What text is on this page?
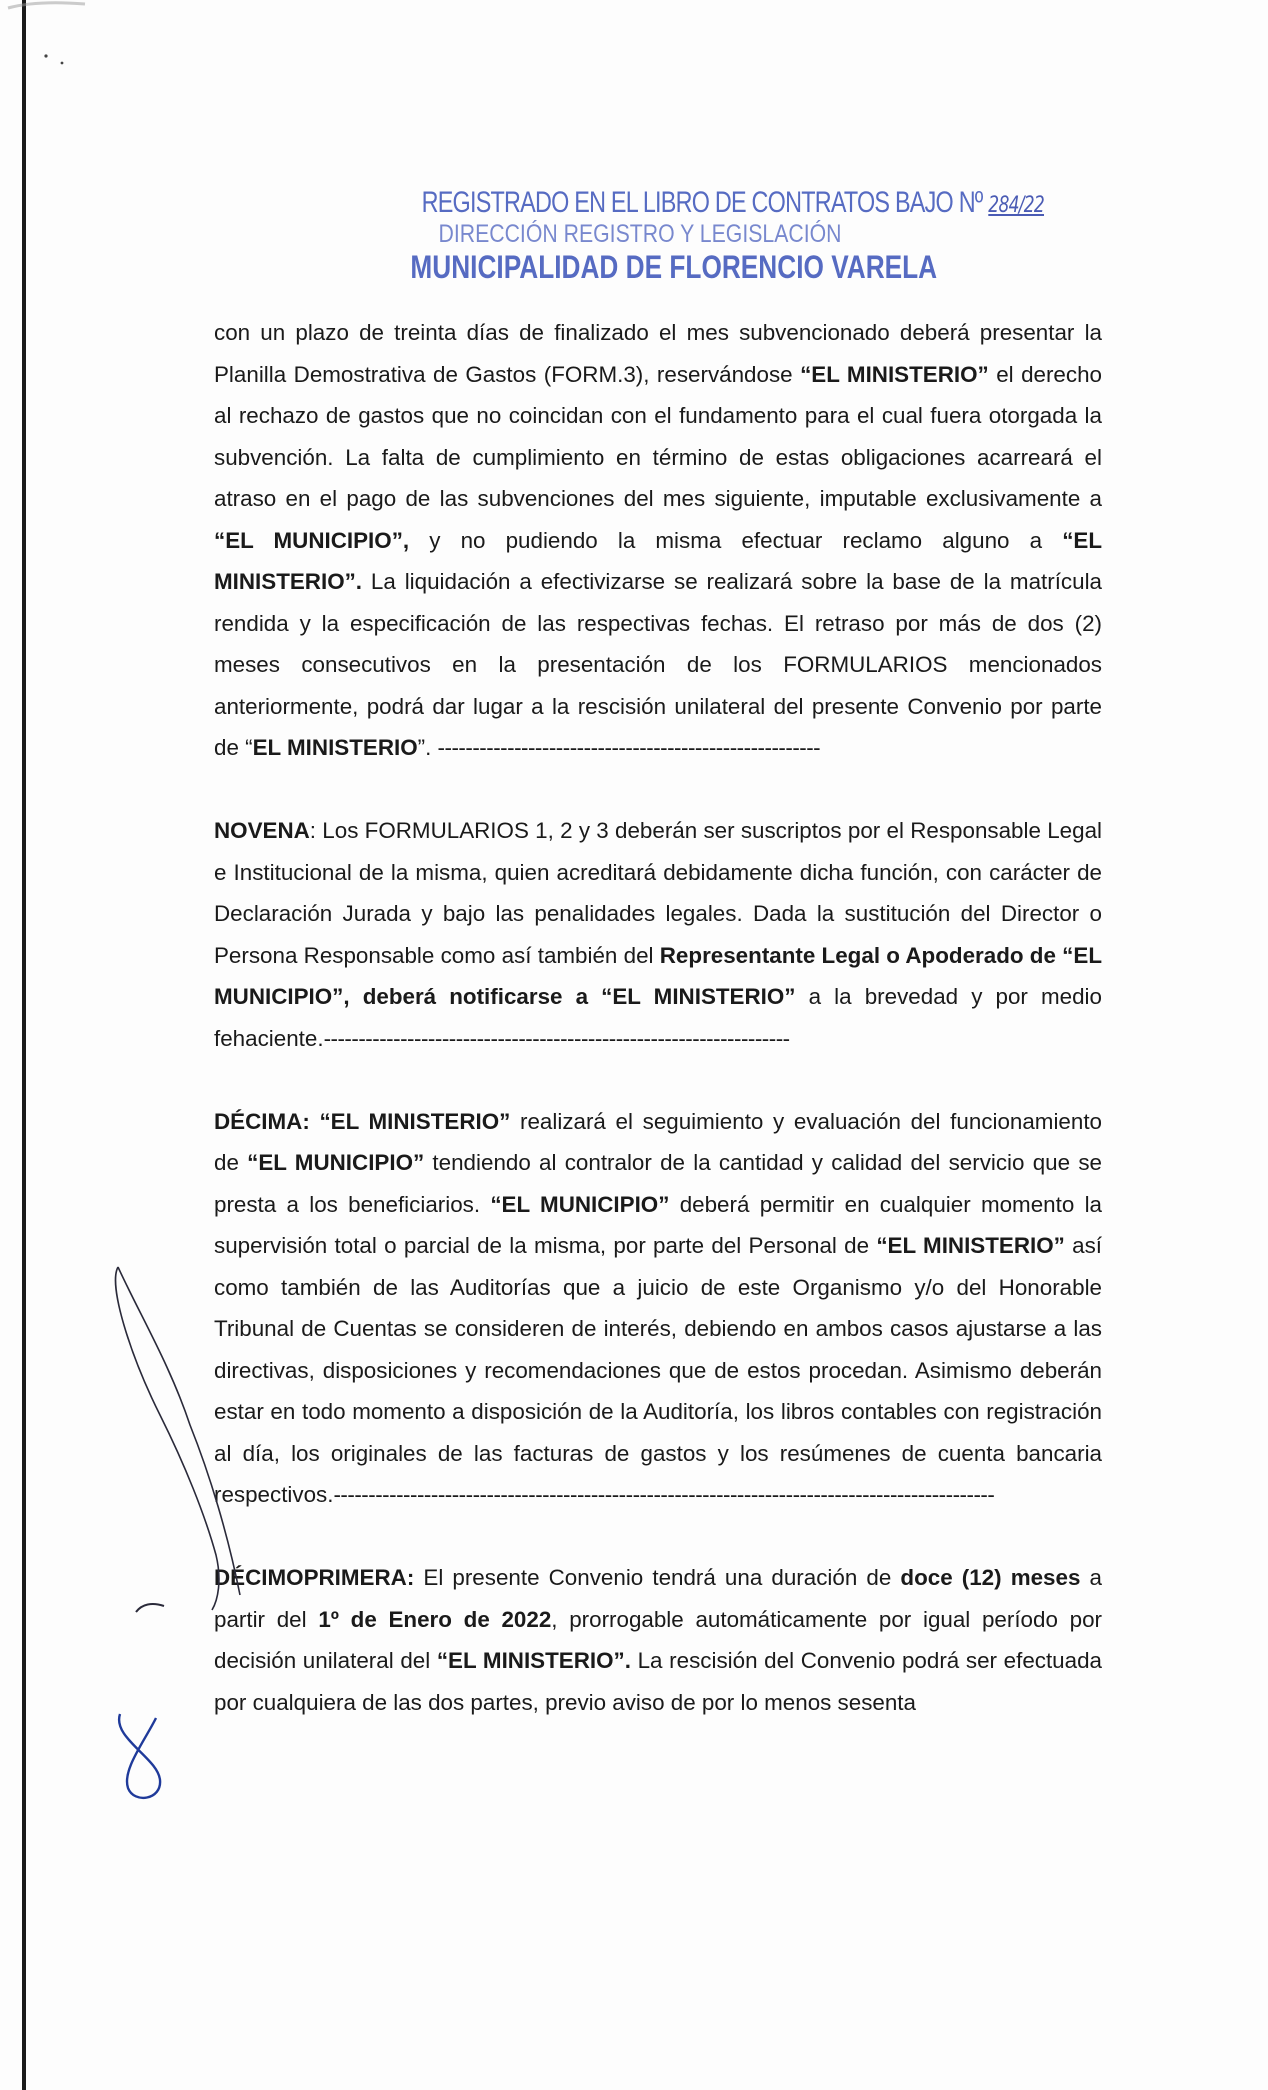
REGISTRADO EN EL LIBRO DE CONTRATOS BAJO Nº 284/22
DIRECCIÓN REGISTRO Y LEGISLACIÓN
MUNICIPALIDAD DE FLORENCIO VARELA

con un plazo de treinta días de finalizado el mes subvencionado deberá presentar la Planilla Demostrativa de Gastos (FORM.3), reservándose “EL MINISTERIO” el derecho al rechazo de gastos que no coincidan con el fundamento para el cual fuera otorgada la subvención. La falta de cumplimiento en término de estas obligaciones acarreará el atraso en el pago de las subvenciones del mes siguiente, imputable exclusivamente a “EL MUNICIPIO”, y no pudiendo la misma efectuar reclamo alguno a “EL MINISTERIO”. La liquidación a efectivizarse se realizará sobre la base de la matrícula rendida y la especificación de las respectivas fechas. El retraso por más de dos (2) meses consecutivos en la presentación de los FORMULARIOS mencionados anteriormente, podrá dar lugar a la rescisión unilateral del presente Convenio por parte de “EL MINISTERIO”. -------------------------------------------------------

NOVENA: Los FORMULARIOS 1, 2 y 3 deberán ser suscriptos por el Responsable Legal e Institucional de la misma, quien acreditará debidamente dicha función, con carácter de Declaración Jurada y bajo las penalidades legales. Dada la sustitución del Director o Persona Responsable como así también del Representante Legal o Apoderado de “EL MUNICIPIO”, deberá notificarse a “EL MINISTERIO” a la brevedad y por medio fehaciente.-------------------------------------------------------------------

DÉCIMA: “EL MINISTERIO” realizará el seguimiento y evaluación del funcionamiento de “EL MUNICIPIO” tendiendo al contralor de la cantidad y calidad del servicio que se presta a los beneficiarios. “EL MUNICIPIO” deberá permitir en cualquier momento la supervisión total o parcial de la misma, por parte del Personal de “EL MINISTERIO” así como también de las Auditorías que a juicio de este Organismo y/o del Honorable Tribunal de Cuentas se consideren de interés, debiendo en ambos casos ajustarse a las directivas, disposiciones y recomendaciones que de estos procedan. Asimismo deberán estar en todo momento a disposición de la Auditoría, los libros contables con registración al día, los originales de las facturas de gastos y los resúmenes de cuenta bancaria respectivos.-----------------------------------------------------------------------------------------------

DÉCIMOPRIMERA: El presente Convenio tendrá una duración de doce (12) meses a partir del 1º de Enero de 2022, prorrogable automáticamente por igual período por decisión unilateral del “EL MINISTERIO”. La rescisión del Convenio podrá ser efectuada por cualquiera de las dos partes, previo aviso de por lo menos sesenta
